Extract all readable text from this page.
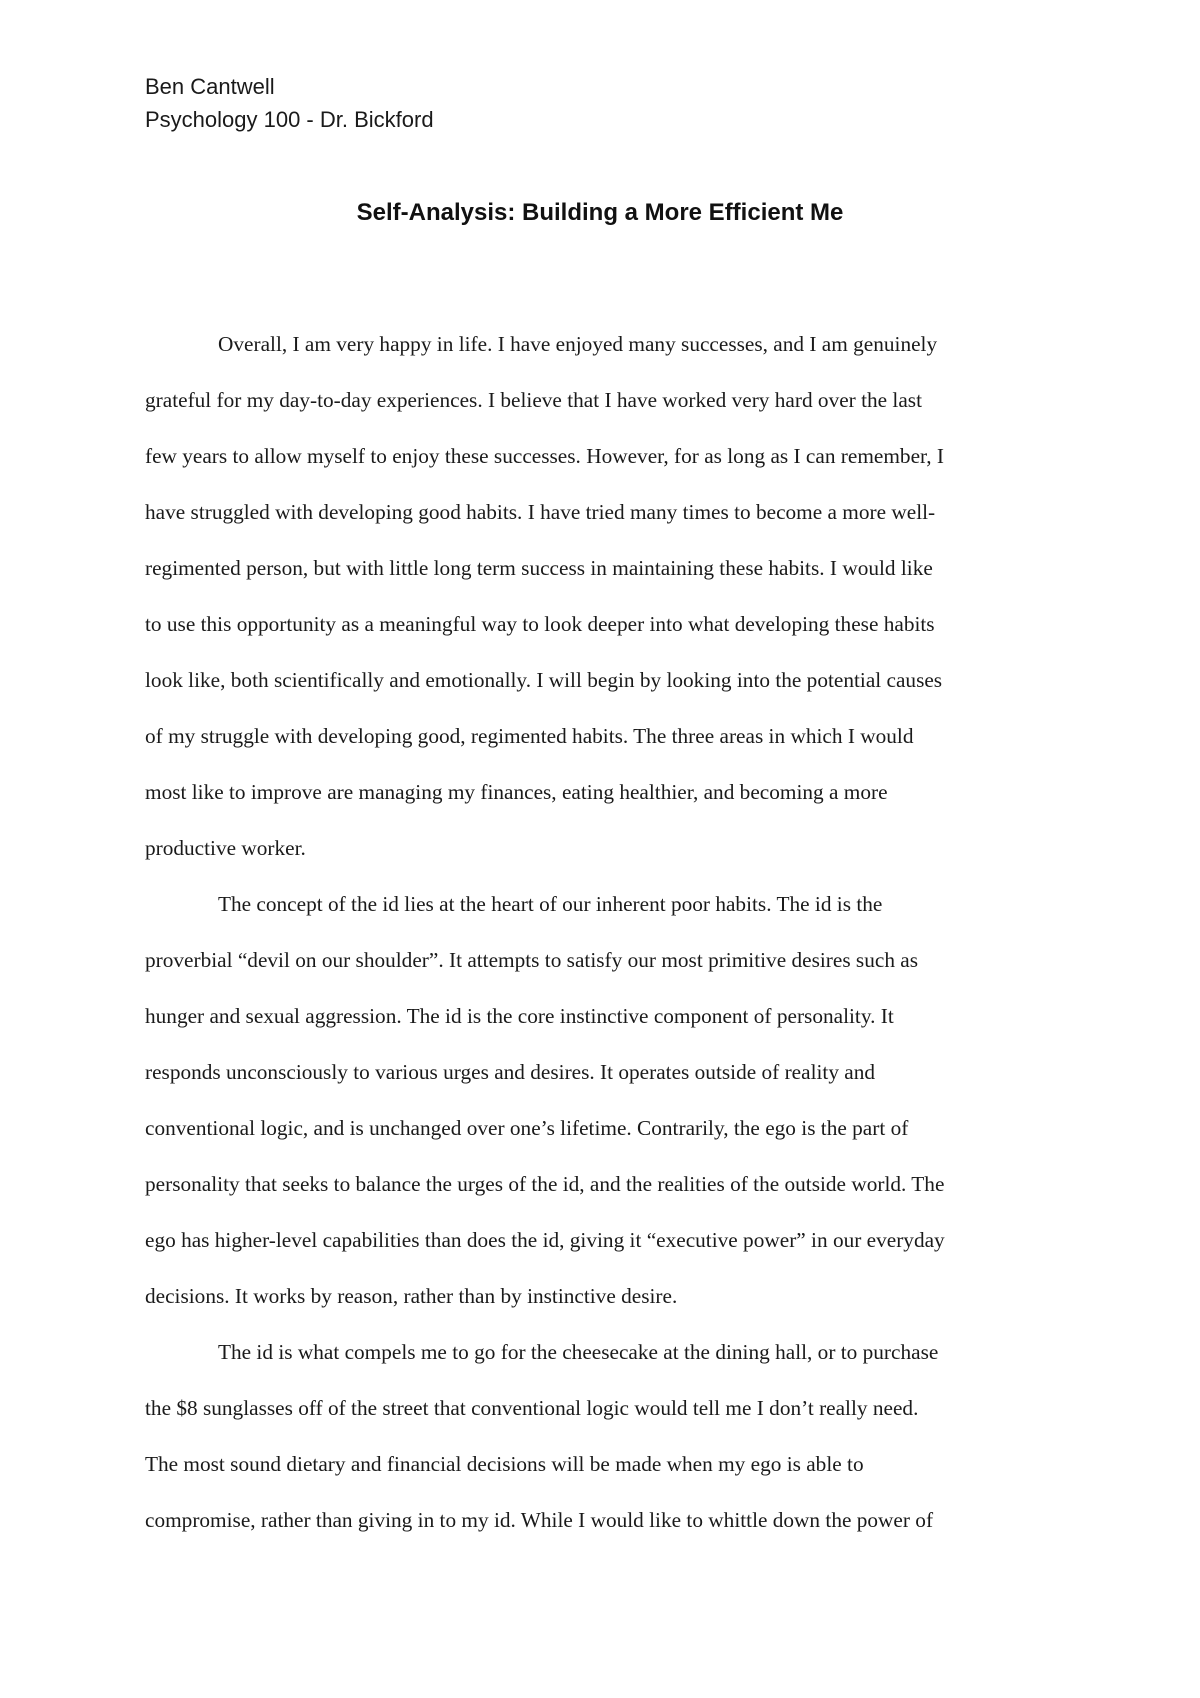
Ben Cantwell
Psychology 100 - Dr. Bickford
Self-Analysis: Building a More Efficient Me
Overall, I am very happy in life. I have enjoyed many successes, and I am genuinely
grateful for my day-to-day experiences. I believe that I have worked very hard over the last
few years to allow myself to enjoy these successes. However, for as long as I can remember, I
have struggled with developing good habits. I have tried many times to become a more well-
regimented person, but with little long term success in maintaining these habits. I would like
to use this opportunity as a meaningful way to look deeper into what developing these habits
look like, both scientifically and emotionally. I will begin by looking into the potential causes
of my struggle with developing good, regimented habits. The three areas in which I would
most like to improve are managing my finances, eating healthier, and becoming a more
productive worker.
The concept of the id lies at the heart of our inherent poor habits. The id is the
proverbial “devil on our shoulder”. It attempts to satisfy our most primitive desires such as
hunger and sexual aggression. The id is the core instinctive component of personality. It
responds unconsciously to various urges and desires. It operates outside of reality and
conventional logic, and is unchanged over one’s lifetime. Contrarily, the ego is the part of
personality that seeks to balance the urges of the id, and the realities of the outside world. The
ego has higher-level capabilities than does the id, giving it “executive power” in our everyday
decisions. It works by reason, rather than by instinctive desire.
The id is what compels me to go for the cheesecake at the dining hall, or to purchase
the $8 sunglasses off of the street that conventional logic would tell me I don’t really need.
The most sound dietary and financial decisions will be made when my ego is able to
compromise, rather than giving in to my id. While I would like to whittle down the power of
